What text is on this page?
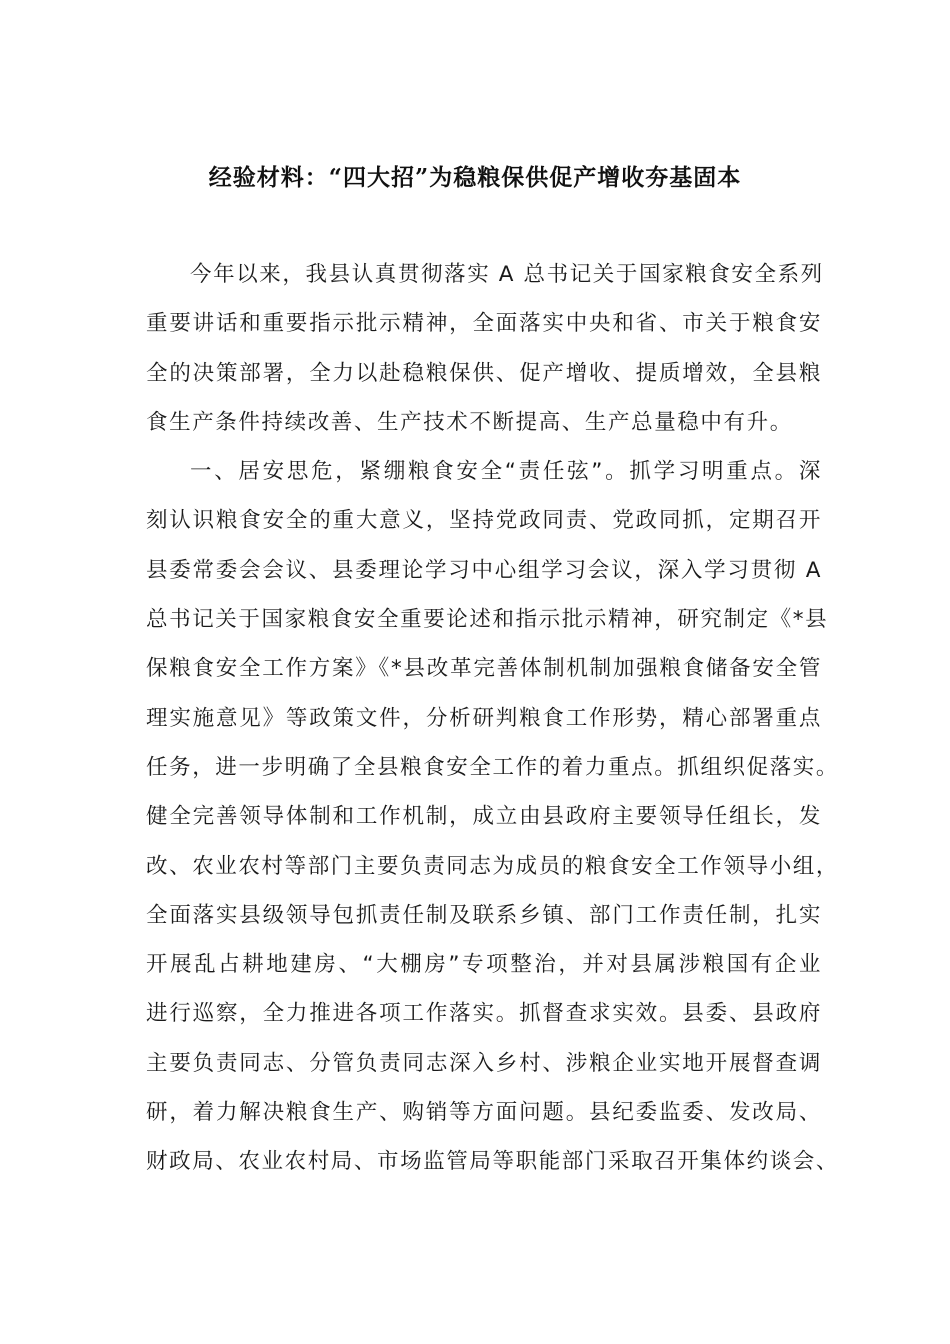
经验材料：“四大招”为稳粮保供促产增收夯基固本
今年以来，我县认真贯彻落实 A 总书记关于国家粮食安全系列
重要讲话和重要指示批示精神，全面落实中央和省、市关于粮食安
全的决策部署，全力以赴稳粮保供、促产增收、提质增效，全县粮
食生产条件持续改善、生产技术不断提高、生产总量稳中有升。
一、居安思危，紧绷粮食安全“责任弦”。抓学习明重点。深
刻认识粮食安全的重大意义，坚持党政同责、党政同抓，定期召开
县委常委会会议、县委理论学习中心组学习会议，深入学习贯彻 A
总书记关于国家粮食安全重要论述和指示批示精神，研究制定《*县
保粮食安全工作方案》《*县改革完善体制机制加强粮食储备安全管
理实施意见》等政策文件，分析研判粮食工作形势，精心部署重点
任务，进一步明确了全县粮食安全工作的着力重点。抓组织促落实。
健全完善领导体制和工作机制，成立由县政府主要领导任组长，发
改、农业农村等部门主要负责同志为成员的粮食安全工作领导小组，
全面落实县级领导包抓责任制及联系乡镇、部门工作责任制，扎实
开展乱占耕地建房、“大棚房”专项整治，并对县属涉粮国有企业
进行巡察，全力推进各项工作落实。抓督查求实效。县委、县政府
主要负责同志、分管负责同志深入乡村、涉粮企业实地开展督查调
研，着力解决粮食生产、购销等方面问题。县纪委监委、发改局、
财政局、农业农村局、市场监管局等职能部门采取召开集体约谈会、
